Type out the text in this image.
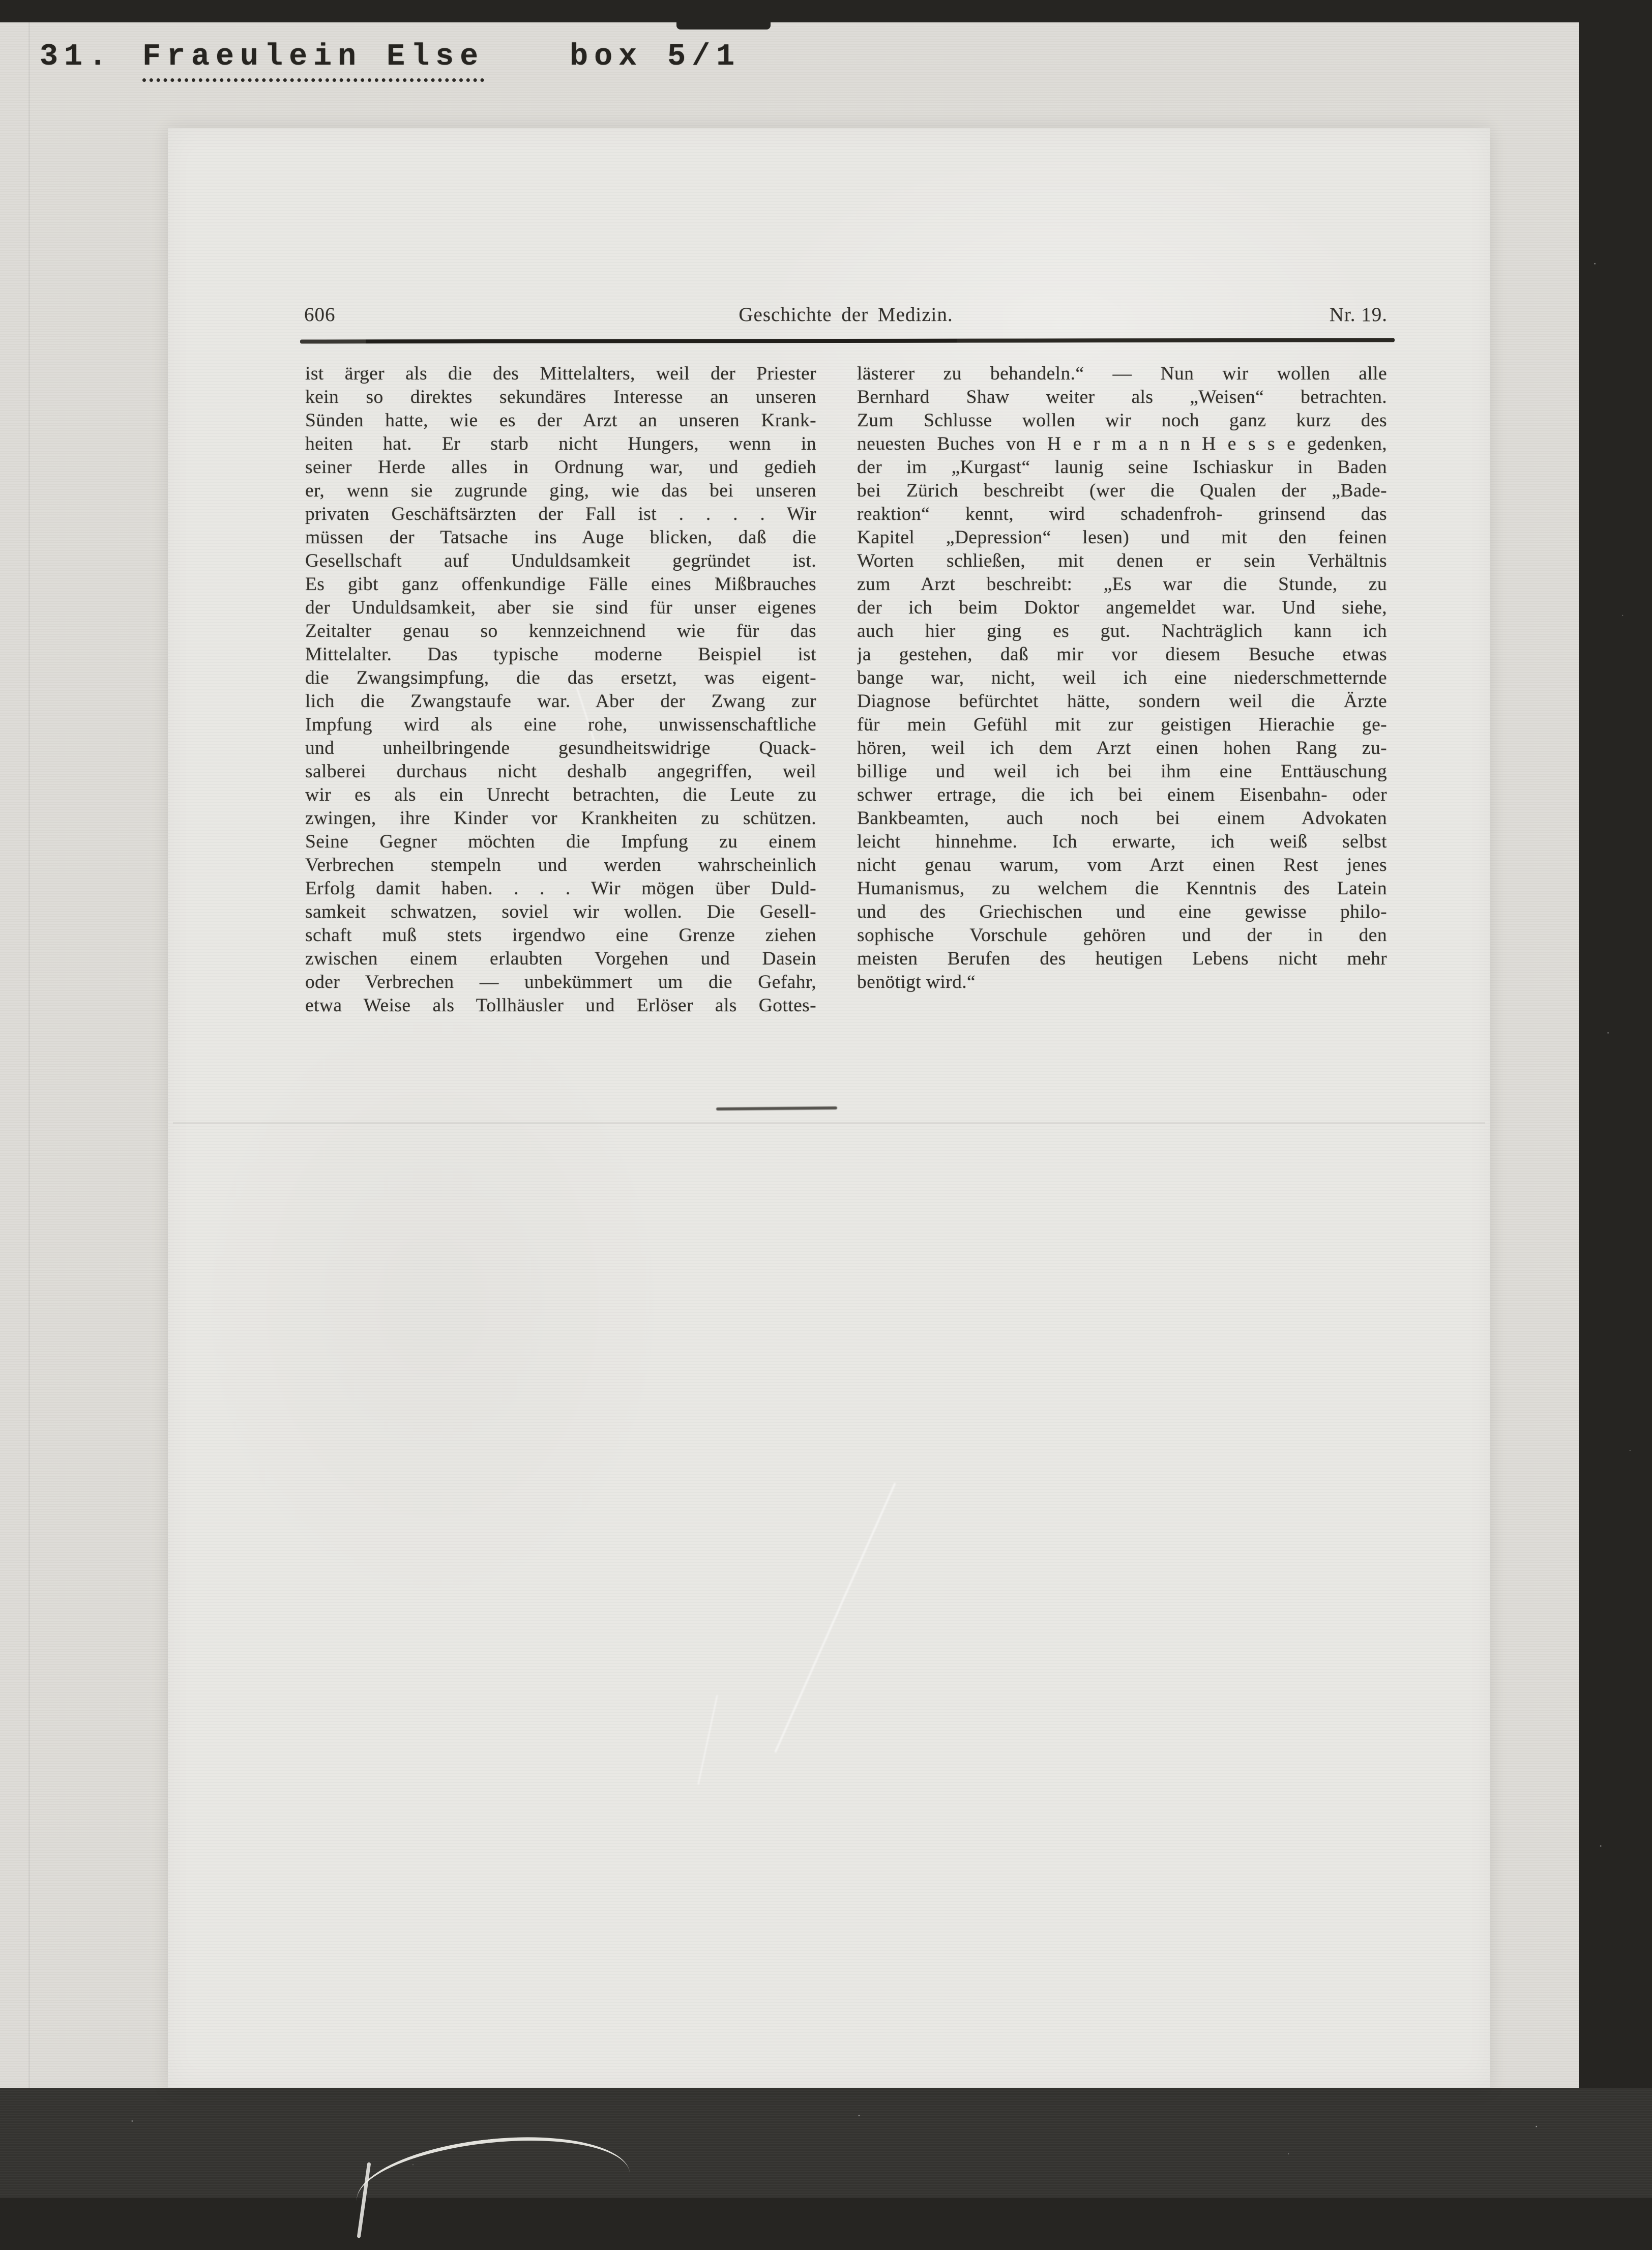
31. Fraeulein Else	box 5/1
606	Geschichte der Medizin.	Nr. 19.
ist ärger als die des Mittelalters, weil der Priester
kein so direktes sekundäres Interesse an unseren
Sünden hatte, wie es der Arzt an unseren Krank-
heiten hat. Er starb nicht Hungers, wenn in
seiner Herde alles in Ordnung war, und gedieh
er, wenn sie zugrunde ging, wie das bei unseren
privaten Geschäftsärzten der Fall ist . . . . Wir
müssen der Tatsache ins Auge blicken, daß die
Gesellschaft auf Unduldsamkeit gegründet ist.
Es gibt ganz offenkundige Fälle eines Mißbrauches
der Unduldsamkeit, aber sie sind für unser eigenes
Zeitalter genau so kennzeichnend wie für das
Mittelalter. Das typische moderne Beispiel ist
die Zwangsimpfung, die das ersetzt, was eigent-
lich die Zwangstaufe war. Aber der Zwang zur
Impfung wird als eine rohe, unwissenschaftliche
und unheilbringende gesundheitswidrige Quack-
salberei durchaus nicht deshalb angegriffen, weil
wir es als ein Unrecht betrachten, die Leute zu
zwingen, ihre Kinder vor Krankheiten zu schützen.
Seine Gegner möchten die Impfung zu einem
Verbrechen stempeln und werden wahrscheinlich
Erfolg damit haben. . . . Wir mögen über Duld-
samkeit schwatzen, soviel wir wollen. Die Gesell-
schaft muß stets irgendwo eine Grenze ziehen
zwischen einem erlaubten Vorgehen und Dasein
oder Verbrechen — unbekümmert um die Gefahr,
etwa Weise als Tollhäusler und Erlöser als Gottes-
lästerer zu behandeln.“ — Nun wir wollen alle
Bernhard Shaw weiter als „Weisen“ betrachten.
Zum Schlusse wollen wir noch ganz kurz des
neuesten Buches von H e r m a n n H e s s e gedenken,
der im „Kurgast“ launig seine Ischiaskur in Baden
bei Zürich beschreibt (wer die Qualen der „Bade-
reaktion“ kennt, wird schadenfroh- grinsend das
Kapitel „Depression“ lesen) und mit den feinen
Worten schließen, mit denen er sein Verhältnis
zum Arzt beschreibt: „Es war die Stunde, zu
der ich beim Doktor angemeldet war. Und siehe,
auch hier ging es gut. Nachträglich kann ich
ja gestehen, daß mir vor diesem Besuche etwas
bange war, nicht, weil ich eine niederschmetternde
Diagnose befürchtet hätte, sondern weil die Ärzte
für mein Gefühl mit zur geistigen Hierachie ge-
hören, weil ich dem Arzt einen hohen Rang zu-
billige und weil ich bei ihm eine Enttäuschung
schwer ertrage, die ich bei einem Eisenbahn- oder
Bankbeamten, auch noch bei einem Advokaten
leicht hinnehme. Ich erwarte, ich weiß selbst
nicht genau warum, vom Arzt einen Rest jenes
Humanismus, zu welchem die Kenntnis des Latein
und des Griechischen und eine gewisse philo-
sophische Vorschule gehören und der in den
meisten Berufen des heutigen Lebens nicht mehr
benötigt wird.“
